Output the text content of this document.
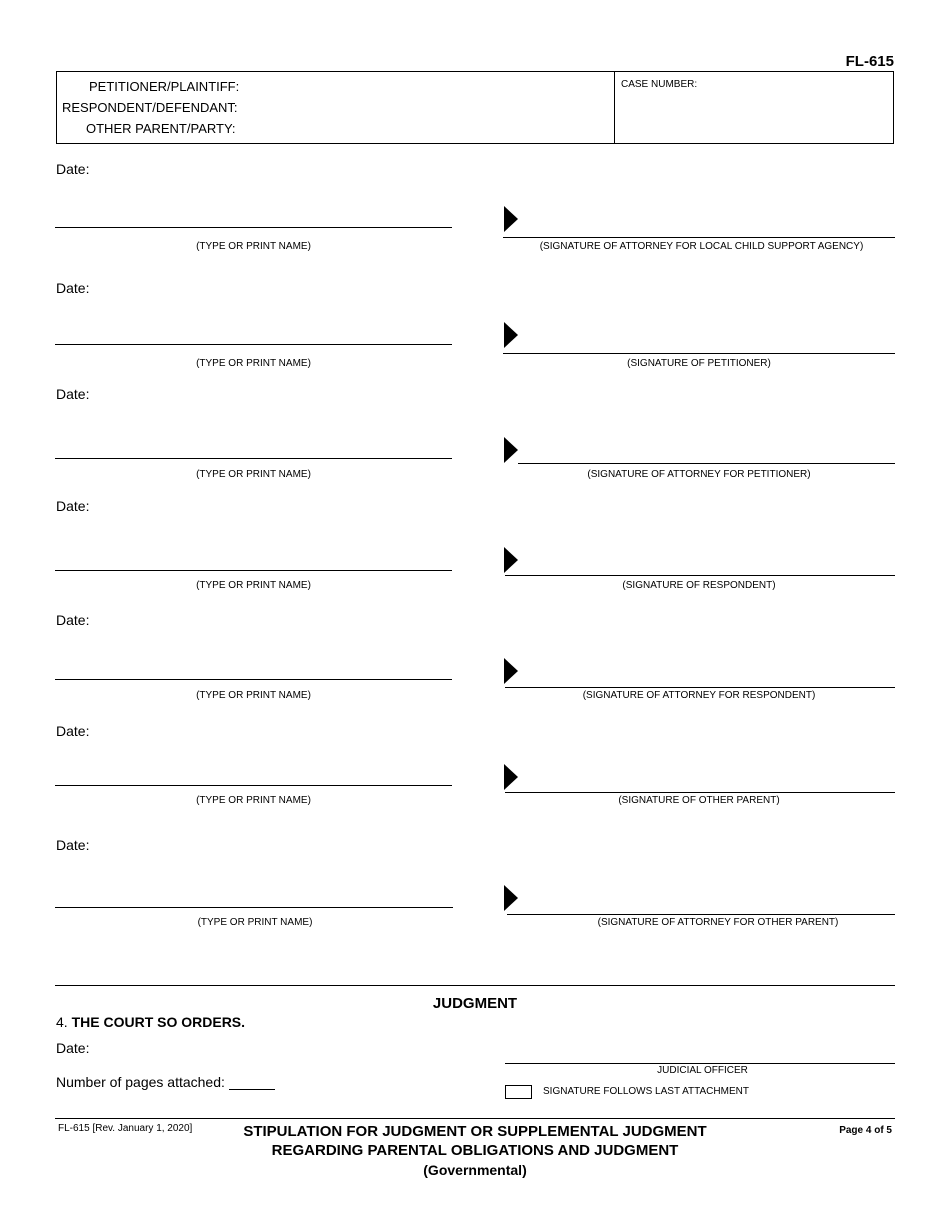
FL-615
PETITIONER/PLAINTIFF:
RESPONDENT/DEFENDANT:
OTHER PARENT/PARTY:
CASE NUMBER:
Date:
(TYPE OR PRINT NAME)	(SIGNATURE OF ATTORNEY FOR LOCAL CHILD SUPPORT AGENCY)
Date:
(TYPE OR PRINT NAME)	(SIGNATURE OF PETITIONER)
Date:
(TYPE OR PRINT NAME)	(SIGNATURE OF ATTORNEY FOR PETITIONER)
Date:
(TYPE OR PRINT NAME)	(SIGNATURE OF RESPONDENT)
Date:
(TYPE OR PRINT NAME)	(SIGNATURE OF ATTORNEY FOR RESPONDENT)
Date:
(TYPE OR PRINT NAME)	(SIGNATURE OF OTHER PARENT)
Date:
(TYPE OR PRINT NAME)	(SIGNATURE OF ATTORNEY FOR OTHER PARENT)
JUDGMENT
4. THE COURT SO ORDERS.
Date:
JUDICIAL OFFICER
Number of pages attached:
SIGNATURE FOLLOWS LAST ATTACHMENT
FL-615 [Rev. January 1, 2020]	STIPULATION FOR JUDGMENT OR SUPPLEMENTAL JUDGMENT
REGARDING PARENTAL OBLIGATIONS AND JUDGMENT
(Governmental)
Page 4 of 5
